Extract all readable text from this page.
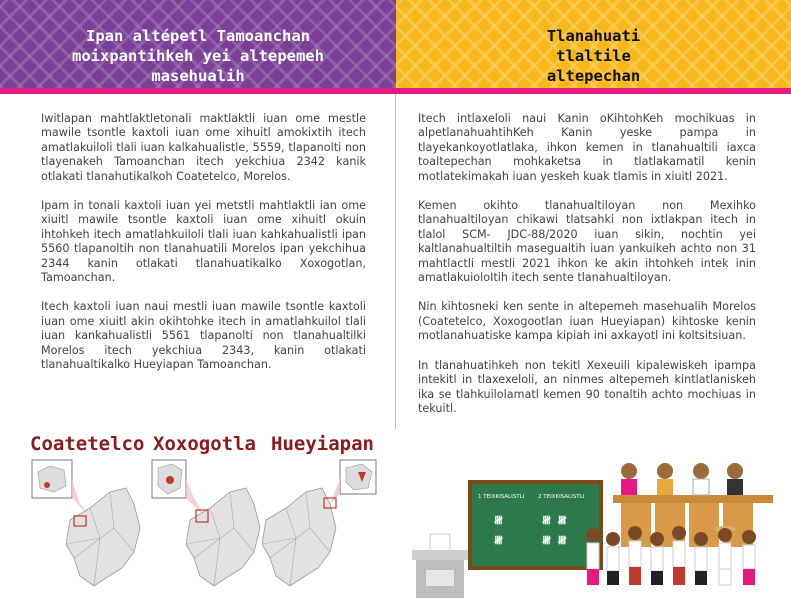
Ipan altépetl Tamoanchan moixpantihkeh yei altepemeh masehualih
Tlanahuati tlaltile altepechan

Iwitlapan mahtlaktletonali maktlaktli iuan ome mestle mawile tsontle kaxtoli iuan ome xihuitl amokixtih itech amatlakuiloli tlali iuan kalkahualistle, 5559, tlapanolti non tlayenakeh Tamoanchan itech yekchiua 2342 kanik otlakati tlanahutikalkoh Coatetelco, Morelos.

Ipam in tonali kaxtoli iuan yei metstli mahtlaktli ian ome xiuitl mawile tsontle kaxtoli iuan ome xihuitl okuin ihtohkeh itech amatlahkuiloli tlali iuan kahkahualistli ipan 5560 tlapanoltih non tlanahuatili Morelos ipan yekchihua 2344 kanin otlakati tlanahuatikalko Xoxogotlan, Tamoanchan.

Itech kaxtoli iuan naui mestli iuan mawile tsontle kaxtoli iuan ome xiuitl akin okihtohke itech in amatlahkuilol tlali iuan kankahualistli 5561 tlapanolti non tlanahualtilki Morelos itech yekchiua 2343, kanin otlakati tlanahualtikalko Hueyiapan Tamoanchan.

Itech intlaxeloli naui Kanin oKihtohKeh mochikuas in alpetlanahuahtihKeh Kanin yeske pampa in tlayekankoyotlatlaka, ihkon kemen in tlanahualtili iaxca toaltepechan mohkaketsa in tlatlakamatil kenin motlatekimakah iuan yeskeh kuak tlamis in xiuitl 2021.

Kemen okihto tlanahualtiloyan non Mexihko tlanahualtiloyan chikawi tlatsahki non ixtlakpan itech in tlalol SCM- JDC-88/2020 iuan sikin, nochtin yei kaltlanahualtiltih masegualtih iuan yankuikeh achto non 31 mahtlactli mestli 2021 ihkon ke akin ihtohkeh intek inin amatlakuioloItih itech sente tlanahualtiloyan.

Nin kihtosneki ken sente in altepemeh masehualih Morelos (Coatetelco, Xoxogootlan iuan Hueyiapan) kihtoske kenin motlanahuatiske kampa kipiah ini axkayotl ini koltsitsiuan.

In tlanahuatihkeh non tekitl Xexeuili kipalewiskeh ipampa intekitl in tlaxexeloli, an ninmes altepemeh kintlatlaniskeh ika se tlahkuilolamatl kemen 90 tonaltih achto mochiuas in tekuitl.

Coatetelco Xoxogotla Hueyiapan
1 TEIXKISALISTLI 2 TEIXKISALISTLI
𝍸
𝍸
𝍸 𝍸
𝍸 𝍸
